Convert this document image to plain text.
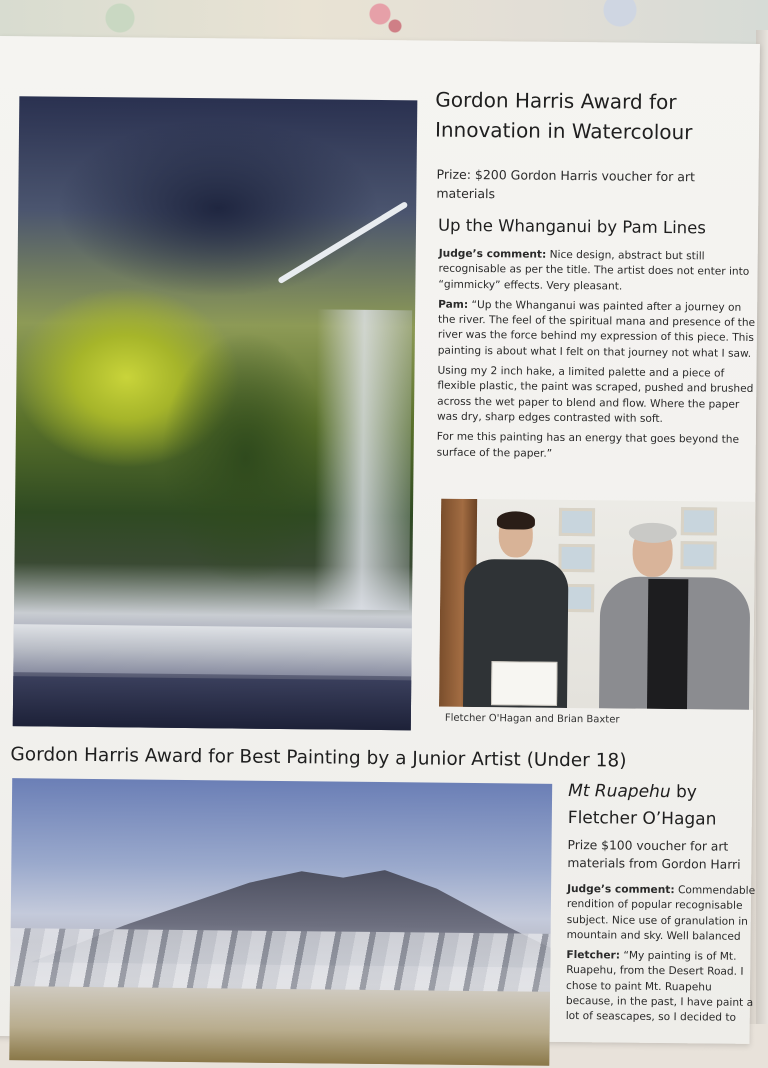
Gordon Harris Award for
Innovation in Watercolour
Prize: $200 Gordon Harris voucher for art
materials
Up the Whanganui by Pam Lines

Judge’s comment: Nice design, abstract but still recognisable as per the title. The artist does not enter into “gimmicky” effects. Very pleasant.

Pam: “Up the Whanganui was painted after a journey on the river. The feel of the spiritual mana and presence of the river was the force behind my expression of this piece. This painting is about what I felt on that journey not what I saw.

Using my 2 inch hake, a limited palette and a piece of flexible plastic, the paint was scraped, pushed and brushed across the wet paper to blend and flow. Where the paper was dry, sharp edges contrasted with soft.

For me this painting has an energy that goes beyond the surface of the paper.”

Fletcher O'Hagan and Brian Baxter
Gordon Harris Award for Best Painting by a Junior Artist (Under 18)
Mt Ruapehu by
Fletcher O’Hagan
Prize $100 voucher for art
materials from Gordon Harri

Judge’s comment: Commendable rendition of popular recognisable subject. Nice use of granulation in mountain and sky. Well balanced

Fletcher: “My painting is of Mt. Ruapehu, from the Desert Road. I chose to paint Mt. Ruapehu because, in the past, I have paint a lot of seascapes, so I decided to
